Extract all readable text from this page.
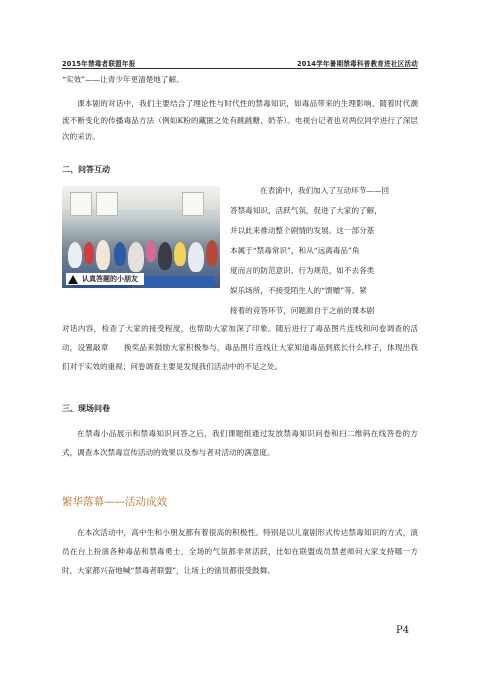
2015年禁毒者联盟年报	2014学年暑期禁毒科普教育进社区活动

“实效”——让青少年更清楚地了解。

课本剧的对话中，我们主要结合了理论性与时代性的禁毒知识，如毒品带来的生理影响、随着时代潮流不断变化的传播毒品方法（例如K粉的藏匿之处有跳跳糖、奶茶）。电视台记者也对两位同学进行了深层次的采访。

二、问答互动

认真答题的小朋友

在表演中，我们加入了互动环节——回

答禁毒知识，活跃气氛，促进了大家的了解，

并以此来推动整个剧情的发展。这一部分基

本属于“禁毒常识”，和从“远离毒品”角

度而言的防范意识、行为规范，如不去各类

娱乐场所，不接受陌生人的“馈赠”等。紧

接着的竞答环节，问题源自于之前的课本剧

对话内容，检查了大家的接受程度，也帮助大家加深了印象。随后进行了毒品图片连线和问卷调查的活动，设置敲章　　换奖品来鼓励大家积极参与，毒品图片连线让大家知道毒品到底长什么样子，体现出我们对于实效的重视；问卷调查主要是发现我们活动中的不足之处。

三、现场问卷

在禁毒小品展示和禁毒知识问答之后，我们课题组通过发放禁毒知识问卷和扫二维码在线答卷的方式，调查本次禁毒宣传活动的效果以及参与者对活动的满意度。

繁华落幕——活动成效

在本次活动中，高中生和小朋友都有着很高的积极性。特别是以儿童剧形式传达禁毒知识的方式，演员在台上扮演各种毒品和禁毒勇士，全场的气氛都非常活跃，比如在联盟成员禁老师问大家支持哪一方时，大家都兴奋地喊“禁毒者联盟”，让场上的演员都很受鼓舞。

P4
